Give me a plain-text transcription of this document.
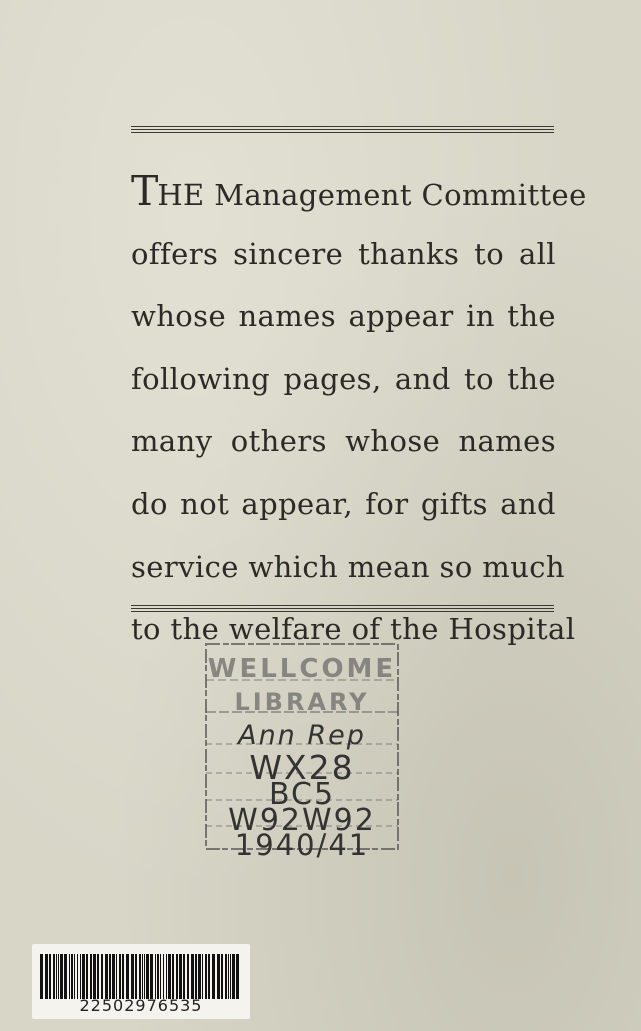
THE Management Committee
offers sincere thanks to all
whose names appear in the
following pages, and to the
many others whose names
do not appear, for gifts and
service which mean so much
to the welfare of the Hospital
WELLCOME
LIBRARY
Ann Rep
WX28
BC5
W92W92
1940/41
22502976535
